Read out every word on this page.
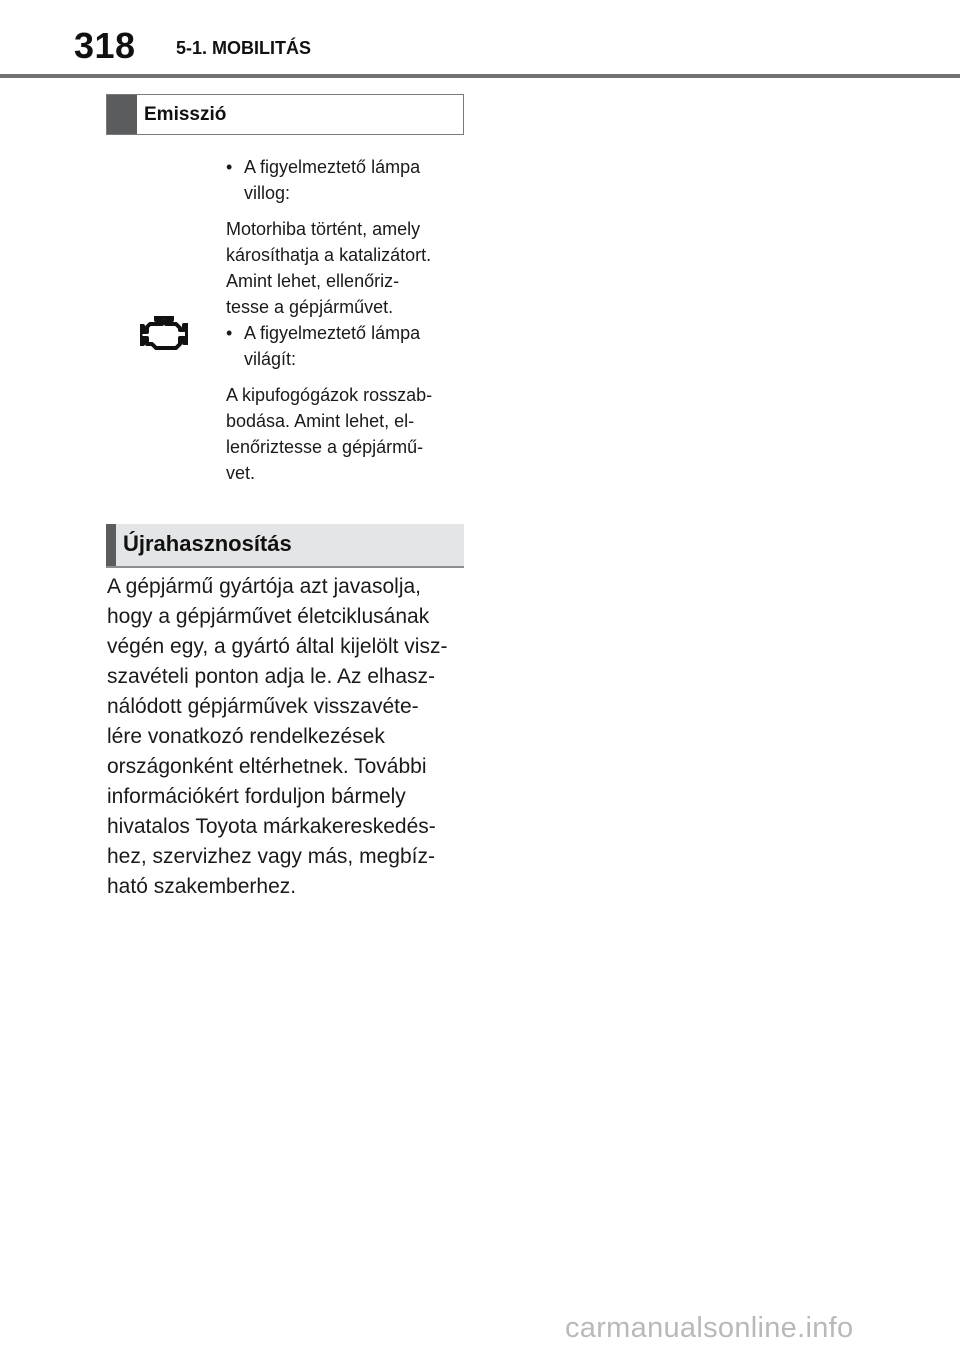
318 5-1. MOBILITÁS
Emisszió
• A figyelmeztető lámpa villog:
Motorhiba történt, amely
károsíthatja a katalizátort.
Amint lehet, ellenőriz-
tesse a gépjárművet.
• A figyelmeztető lámpa világít:
A kipufogógázok rosszab-
bodása. Amint lehet, el-
lenőriztesse a gépjármű-
vet.
Újrahasznosítás
A gépjármű gyártója azt javasolja,
hogy a gépjárművet életciklusának
végén egy, a gyártó által kijelölt visz-
szavételi ponton adja le. Az elhasz-
nálódott gépjárművek visszavéte-
lére vonatkozó rendelkezések
országonként eltérhetnek. További
információkért forduljon bármely
hivatalos Toyota márkakereskedés-
hez, szervizhez vagy más, megbíz-
ható szakemberhez.
carmanualsonline.info
